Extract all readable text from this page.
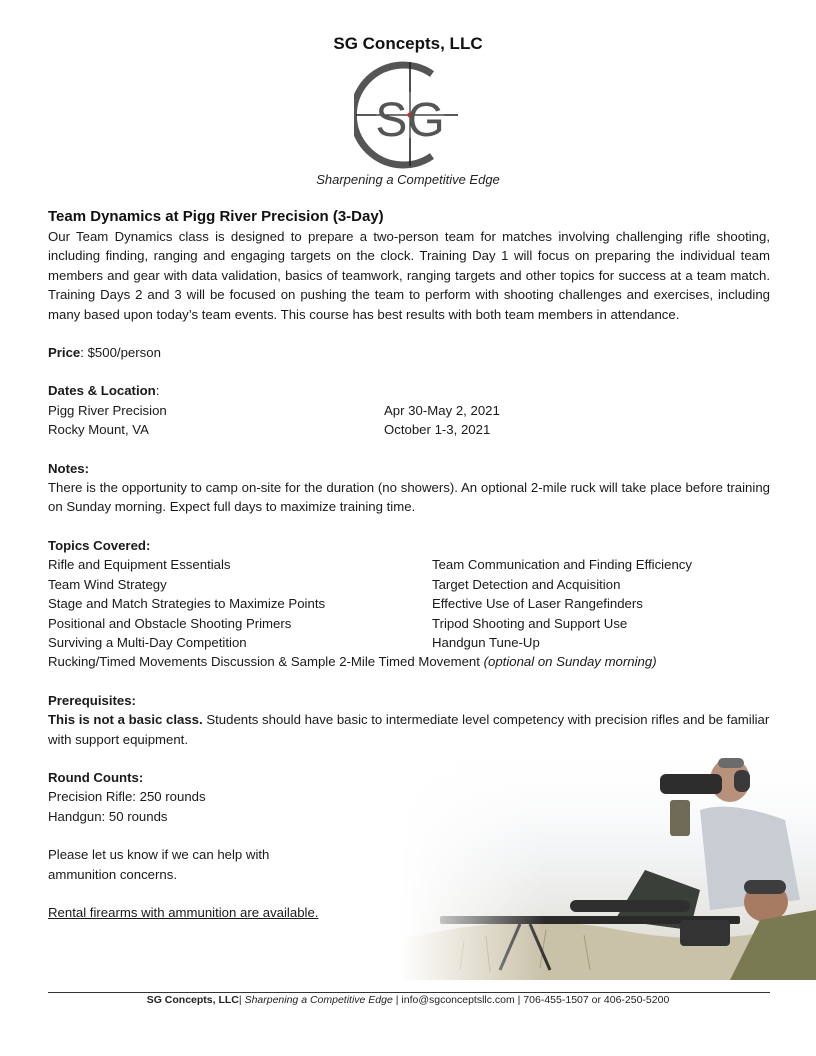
SG Concepts, LLC
SG
Sharpening a Competitive Edge
Team Dynamics at Pigg River Precision (3-Day)

Our Team Dynamics class is designed to prepare a two-person team for matches involving challenging rifle shooting, including finding, ranging and engaging targets on the clock. Training Day 1 will focus on preparing the individual team members and gear with data validation, basics of teamwork, ranging targets and other topics for success at a team match. Training Days 2 and 3 will be focused on pushing the team to perform with shooting challenges and exercises, including many based upon today’s team events. This course has best results with both team members in attendance.

Price: $500/person

Dates & Location:

Pigg River Precision	Apr 30-May 2, 2021
Rocky Mount, VA	October 1-3, 2021

Notes:

There is the opportunity to camp on-site for the duration (no showers). An optional 2-mile ruck will take place before training on Sunday morning. Expect full days to maximize training time.

Topics Covered:

Rifle and Equipment Essentials	Team Communication and Finding Efficiency
Team Wind Strategy	Target Detection and Acquisition
Stage and Match Strategies to Maximize Points	Effective Use of Laser Rangefinders
Positional and Obstacle Shooting Primers	Tripod Shooting and Support Use
Surviving a Multi-Day Competition	Handgun Tune-Up

Rucking/Timed Movements Discussion & Sample 2-Mile Timed Movement (optional on Sunday morning)

Prerequisites:

This is not a basic class. Students should have basic to intermediate level competency with precision rifles and be familiar with support equipment.

Round Counts:

Precision Rifle: 250 rounds

Handgun: 50 rounds

Please let us know if we can help with

ammunition concerns.

Rental firearms with ammunition are available.

SG Concepts, LLC| Sharpening a Competitive Edge | info@sgconceptsllc.com | 706-455-1507 or 406-250-5200
